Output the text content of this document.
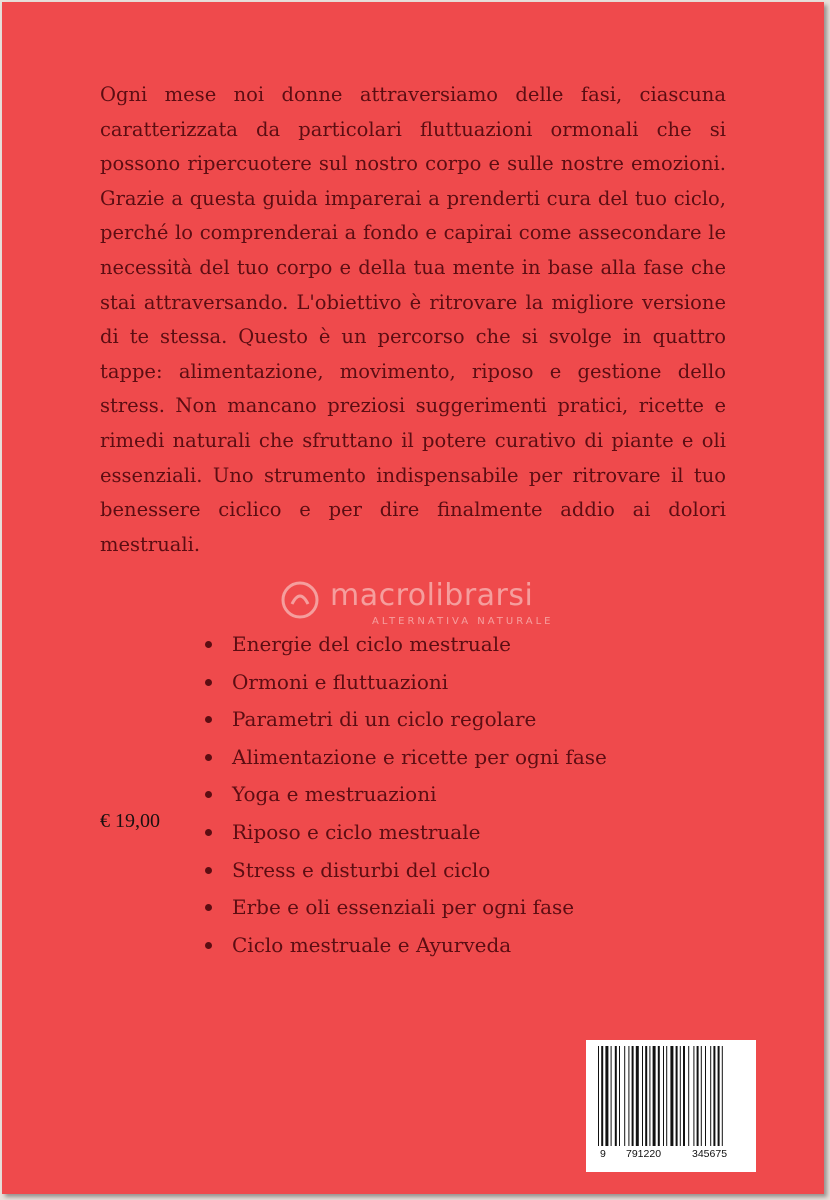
Ogni mese noi donne attraversiamo delle fasi, ciascuna caratterizzata da particolari fluttuazioni ormonali che si possono ripercuotere sul nostro corpo e sulle nostre emozioni. Grazie a questa guida imparerai a prenderti cura del tuo ciclo, perché lo comprenderai a fondo e capirai come assecondare le necessità del tuo corpo e della tua mente in base alla fase che stai attraversando. L'obiettivo è ritrovare la migliore versione di te stessa. Questo è un percorso che si svolge in quattro tappe: alimentazione, movimento, riposo e gestione dello stress. Non mancano preziosi suggerimenti pratici, ricette e rimedi naturali che sfruttano il potere curativo di piante e oli essenziali. Uno strumento indispensabile per ritrovare il tuo benessere ciclico e per dire finalmente addio ai dolori mestruali.

Energie del ciclo mestruale
Ormoni e fluttuazioni
Parametri di un ciclo regolare
Alimentazione e ricette per ogni fase
Yoga e mestruazioni
Riposo e ciclo mestruale
Stress e disturbi del ciclo
Erbe e oli essenziali per ogni fase
Ciclo mestruale e Ayurveda
macrolibrarsi
ALTERNATIVA NATURALE
€ 19,00
9 791220	345675
